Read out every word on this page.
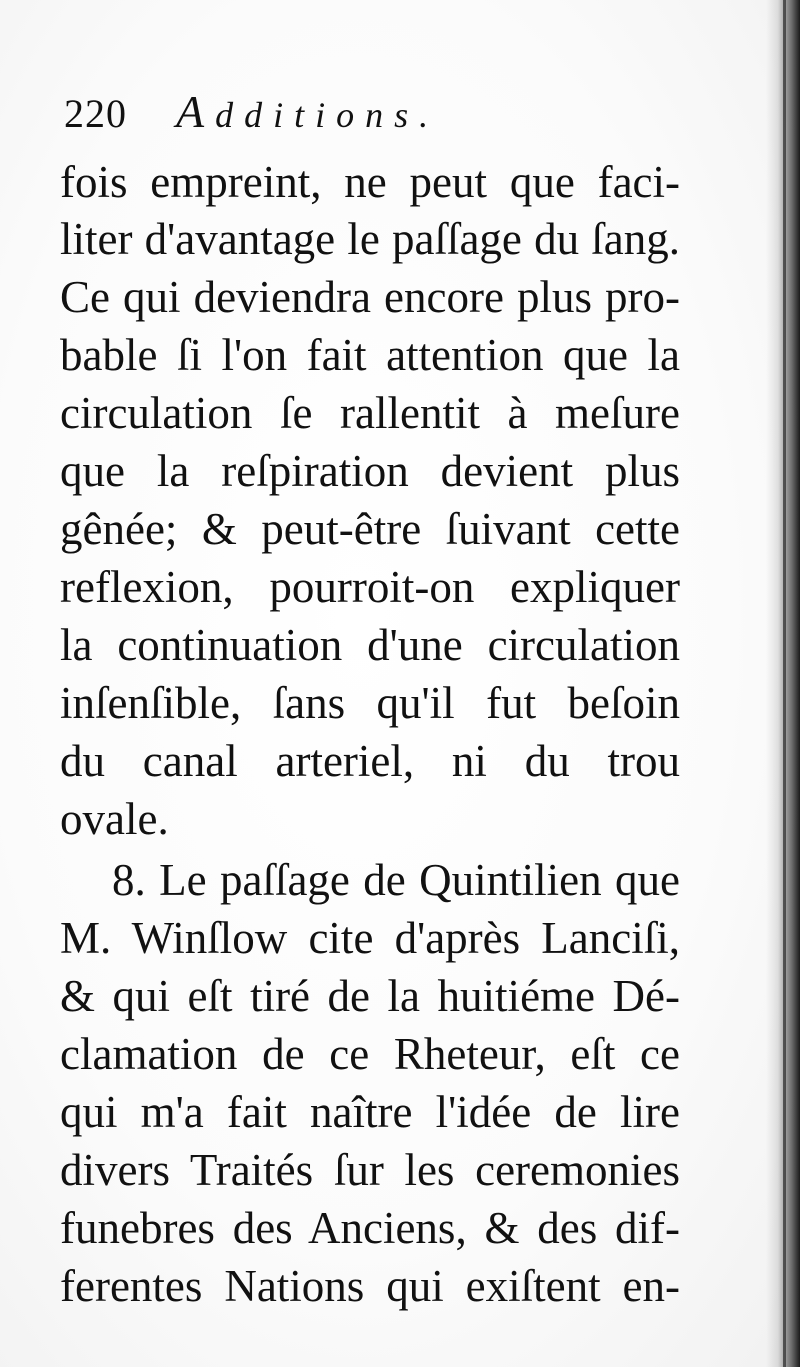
220 Additions.
fois empreint, ne peut que faci-
liter d'avantage le paſſage du ſang.
Ce qui deviendra encore plus pro-
bable ſi l'on fait attention que la
circulation ſe rallentit à meſure
que la reſpiration devient plus
gênée; & peut-être ſuivant cette
reflexion, pourroit-on expliquer
la continuation d'une circulation
inſenſible, ſans qu'il fut beſoin
du canal arteriel, ni du trou
ovale.
8. Le paſſage de Quintilien que
M. Winſlow cite d'après Lanciſi,
& qui eſt tiré de la huitiéme Dé-
clamation de ce Rheteur, eſt ce
qui m'a fait naître l'idée de lire
divers Traités ſur les ceremonies
funebres des Anciens, & des dif-
ferentes Nations qui exiſtent en-
